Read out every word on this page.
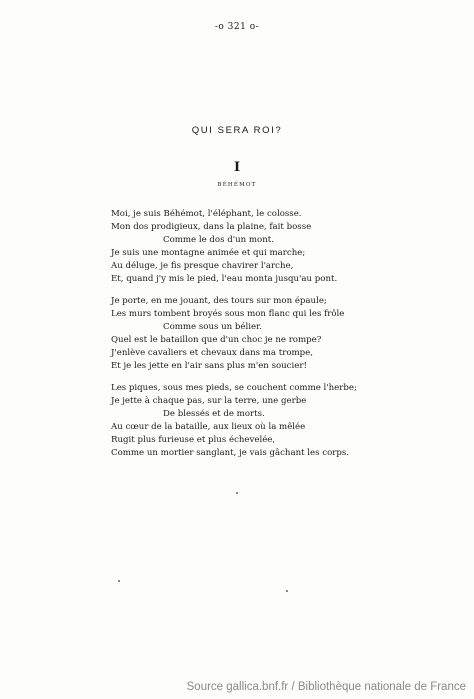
-o 321 o-
QUI SERA ROI?
I
BÉHÉMOT
Moi, je suis Béhémot, l'éléphant, le colosse.
Mon dos prodigieux, dans la plaine, fait bosse
Comme le dos d'un mont.
Je suis une montagne animée et qui marche;
Au déluge, je fis presque chavirer l'arche,
Et, quand j'y mis le pied, l'eau monta jusqu'au pont.
Je porte, en me jouant, des tours sur mon épaule;
Les murs tombent broyés sous mon flanc qui les frôle
Comme sous un bélier.
Quel est le bataillon que d'un choc je ne rompe?
J'enlève cavaliers et chevaux dans ma trompe,
Et je les jette en l'air sans plus m'en soucier!
Les piques, sous mes pieds, se couchent comme l'herbe;
Je jette à chaque pas, sur la terre, une gerbe
De blessés et de morts.
Au cœur de la bataille, aux lieux où la mêlée
Rugit plus furieuse et plus échevelée,
Comme un mortier sanglant, je vais gâchant les corps.
Source gallica.bnf.fr / Bibliothèque nationale de France
